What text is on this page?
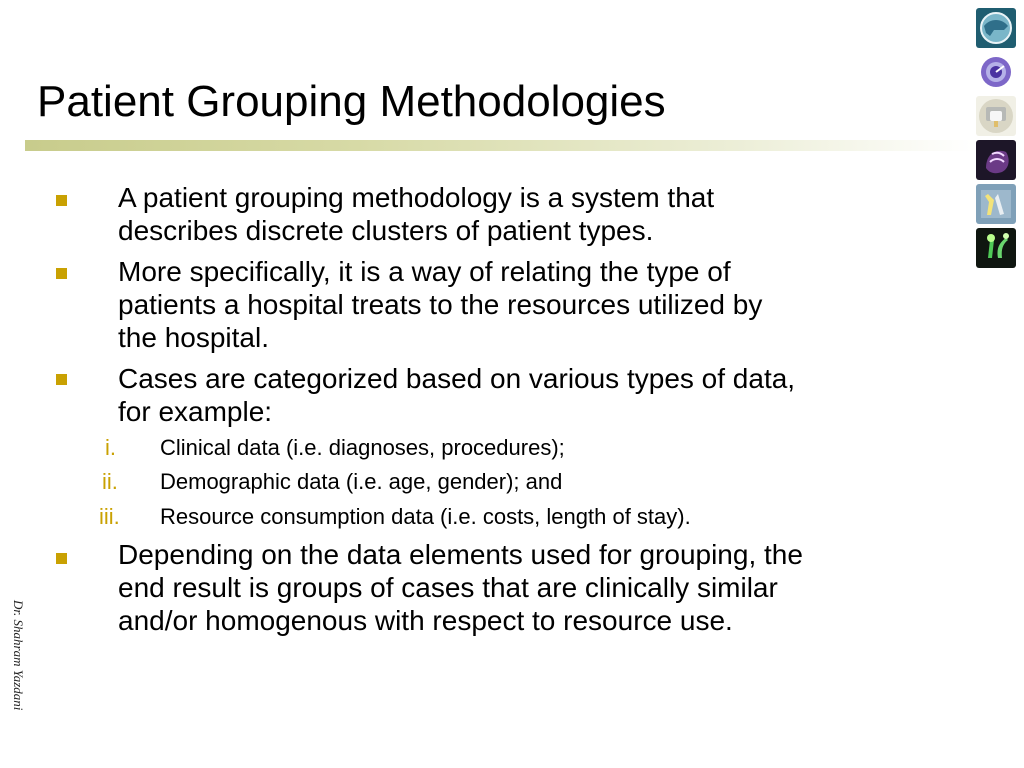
Patient Grouping Methodologies
A patient grouping methodology is a system that
describes discrete clusters of patient types.
More specifically, it is a way of relating the type of
patients a hospital treats to the resources utilized by
the hospital.
Cases are categorized based on various types of data,
for example:
i. Clinical data (i.e. diagnoses, procedures);
ii. Demographic data (i.e. age, gender); and
iii. Resource consumption data (i.e. costs, length of stay).
Depending on the data elements used for grouping, the
end result is groups of cases that are clinically similar
and/or homogenous with respect to resource use.
Dr. Shahram Yazdani
